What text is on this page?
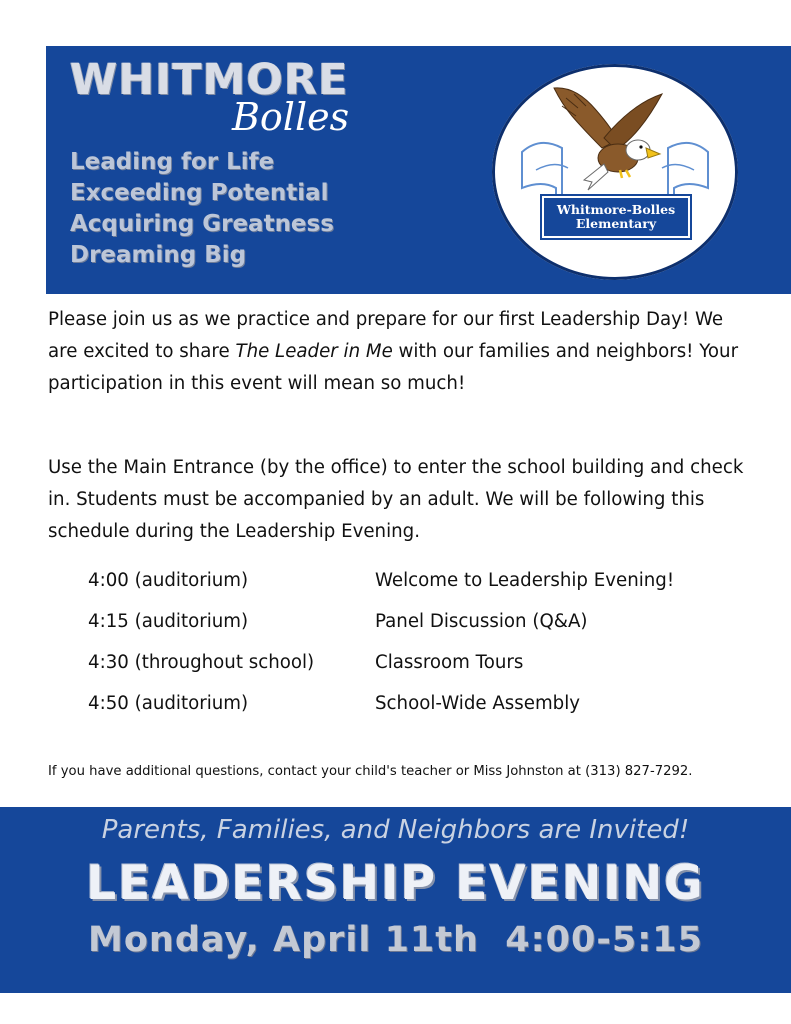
WHITMORE
Bolles
Leading for Life
Exceeding Potential
Acquiring Greatness
Dreaming Big
Whitmore-Bolles
Elementary
Please join us as we practice and prepare for our first Leadership Day! We are excited to share The Leader in Me with our families and neighbors! Your participation in this event will mean so much!
Use the Main Entrance (by the office) to enter the school building and check in. Students must be accompanied by an adult. We will be following this schedule during the Leadership Evening.
4:00 (auditorium)	Welcome to Leadership Evening!
4:15 (auditorium)	Panel Discussion (Q&A)
4:30 (throughout school)	Classroom Tours
4:50 (auditorium)	School-Wide Assembly
If you have additional questions, contact your child's teacher or Miss Johnston at (313) 827-7292.
Parents, Families, and Neighbors are Invited!
LEADERSHIP EVENING
Monday, April 11th  4:00-5:15
